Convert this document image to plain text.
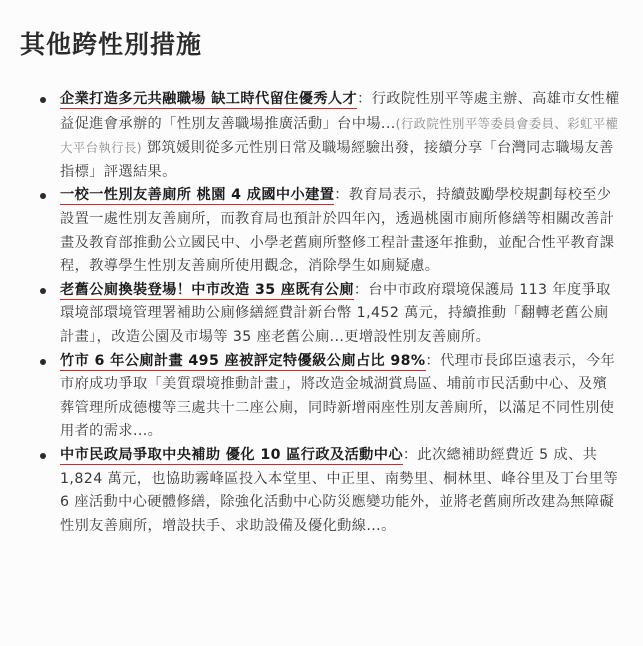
其他跨性別措施
企業打造多元共融職場 缺工時代留住優秀人才：行政院性別平等處主辦、高雄市女性權益促進會承辦的「性別友善職場推廣活動」台中場...(行政院性別平等委員會委員、彩虹平權大平台執行長) 鄧筑媛則從多元性別日常及職場經驗出發，接續分享「台灣同志職場友善指標」評選結果。
一校一性別友善廁所 桃園 4 成國中小建置：教育局表示，持續鼓勵學校規劃每校至少設置一處性別友善廁所，而教育局也預計於四年內，透過桃園市廁所修繕等相關改善計畫及教育部推動公立國民中、小學老舊廁所整修工程計畫逐年推動，並配合性平教育課程，教導學生性別友善廁所使用觀念，消除學生如廁疑慮。
老舊公廁換裝登場！中市改造 35 座既有公廁：台中市政府環境保護局 113 年度爭取環境部環境管理署補助公廁修繕經費計新台幣 1,452 萬元，持續推動「翻轉老舊公廁計畫」，改造公園及市場等 35 座老舊公廁...更增設性別友善廁所。
竹市 6 年公廁計畫 495 座被評定特優級公廁占比 98%：代理市長邱臣遠表示，今年市府成功爭取「美質環境推動計畫」，將改造金城湖賞鳥區、埔前市民活動中心、及殯葬管理所成德樓等三處共十二座公廁，同時新增兩座性別友善廁所，以滿足不同性別使用者的需求...。
中市民政局爭取中央補助 優化 10 區行政及活動中心：此次總補助經費近 5 成、共 1,824 萬元，也協助霧峰區投入本堂里、中正里、南勢里、桐林里、峰谷里及丁台里等 6 座活動中心硬體修繕，除強化活動中心防災應變功能外，並將老舊廁所改建為無障礙性別友善廁所，增設扶手、求助設備及優化動線...。
